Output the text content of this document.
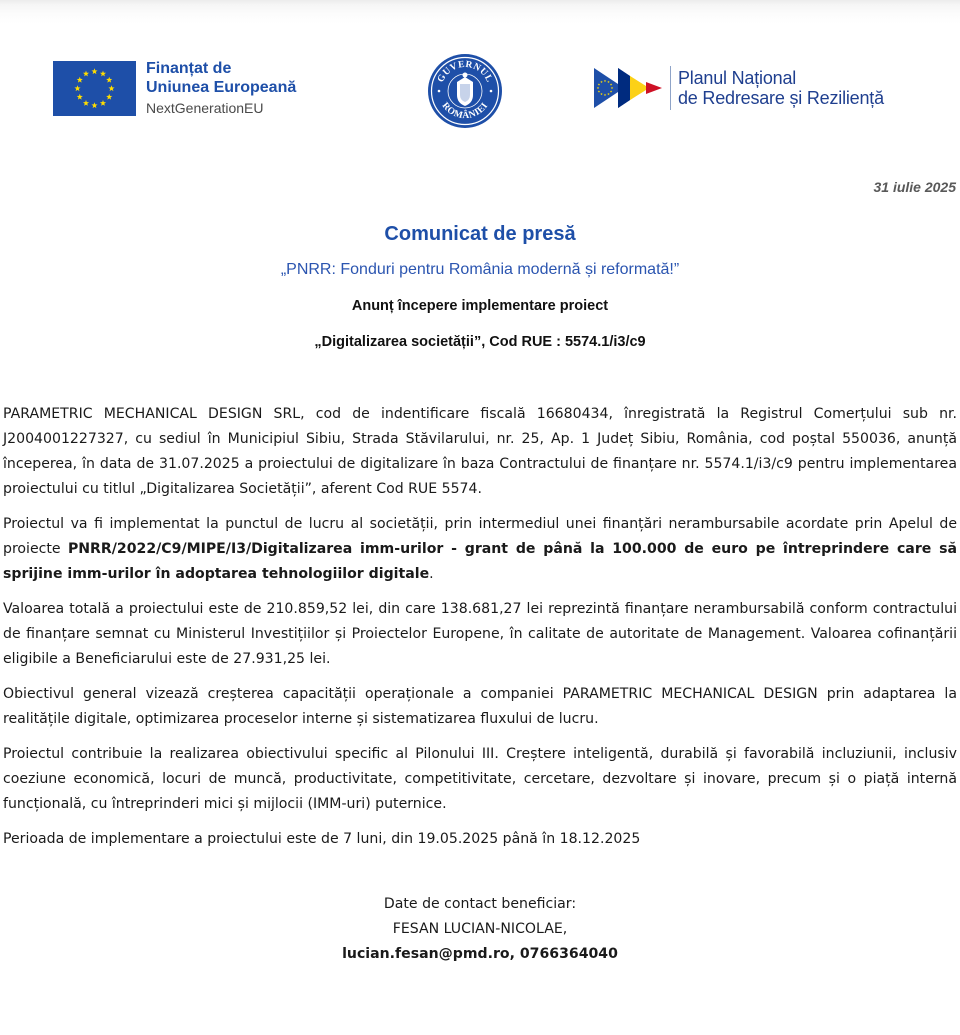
Finanțat de
Uniunea Europeană
NextGenerationEU
GUVERNUL
ROMÂNIEI
Planul Național
de Redresare și Reziliență
31 iulie 2025
Comunicat de presă
„PNRR: Fonduri pentru România modernă și reformată!”
Anunț începere implementare proiect
„Digitalizarea societății”, Cod RUE : 5574.1/i3/c9

PARAMETRIC MECHANICAL DESIGN SRL, cod de indentificare fiscală 16680434, înregistrată la Registrul Comerțului sub nr. J2004001227327, cu sediul în Municipiul Sibiu, Strada Stăvilarului, nr. 25, Ap. 1 Județ Sibiu, România, cod poștal 550036, anunță începerea, în data de 31.07.2025 a proiectului de digitalizare în baza Contractului de finanțare nr. 5574.1/i3/c9 pentru implementarea proiectului cu titlul „Digitalizarea Societății”, aferent Cod RUE 5574.

Proiectul va fi implementat la punctul de lucru al societății, prin intermediul unei finanțări nerambursabile acordate prin Apelul de proiecte PNRR/2022/C9/MIPE/I3/Digitalizarea imm-urilor - grant de până la 100.000 de euro pe întreprindere care să sprijine imm-urilor în adoptarea tehnologiilor digitale.

Valoarea totală a proiectului este de 210.859,52 lei, din care 138.681,27 lei reprezintă finanțare nerambursabilă conform contractului de finanțare semnat cu Ministerul Investițiilor și Proiectelor Europene, în calitate de autoritate de Management. Valoarea cofinanțării eligibile a Beneficiarului este de 27.931,25 lei.

Obiectivul general vizează creșterea capacității operaționale a companiei PARAMETRIC MECHANICAL DESIGN prin adaptarea la realitățile digitale, optimizarea proceselor interne și sistematizarea fluxului de lucru.

Proiectul contribuie la realizarea obiectivului specific al Pilonului III. Creștere inteligentă, durabilă și favorabilă incluziunii, inclusiv coeziune economică, locuri de muncă, productivitate, competitivitate, cercetare, dezvoltare și inovare, precum și o piață internă funcțională, cu întreprinderi mici și mijlocii (IMM-uri) puternice.

Perioada de implementare a proiectului este de 7 luni, din 19.05.2025 până în 18.12.2025

Date de contact beneficiar:
FESAN LUCIAN-NICOLAE,
lucian.fesan@pmd.ro, 0766364040
